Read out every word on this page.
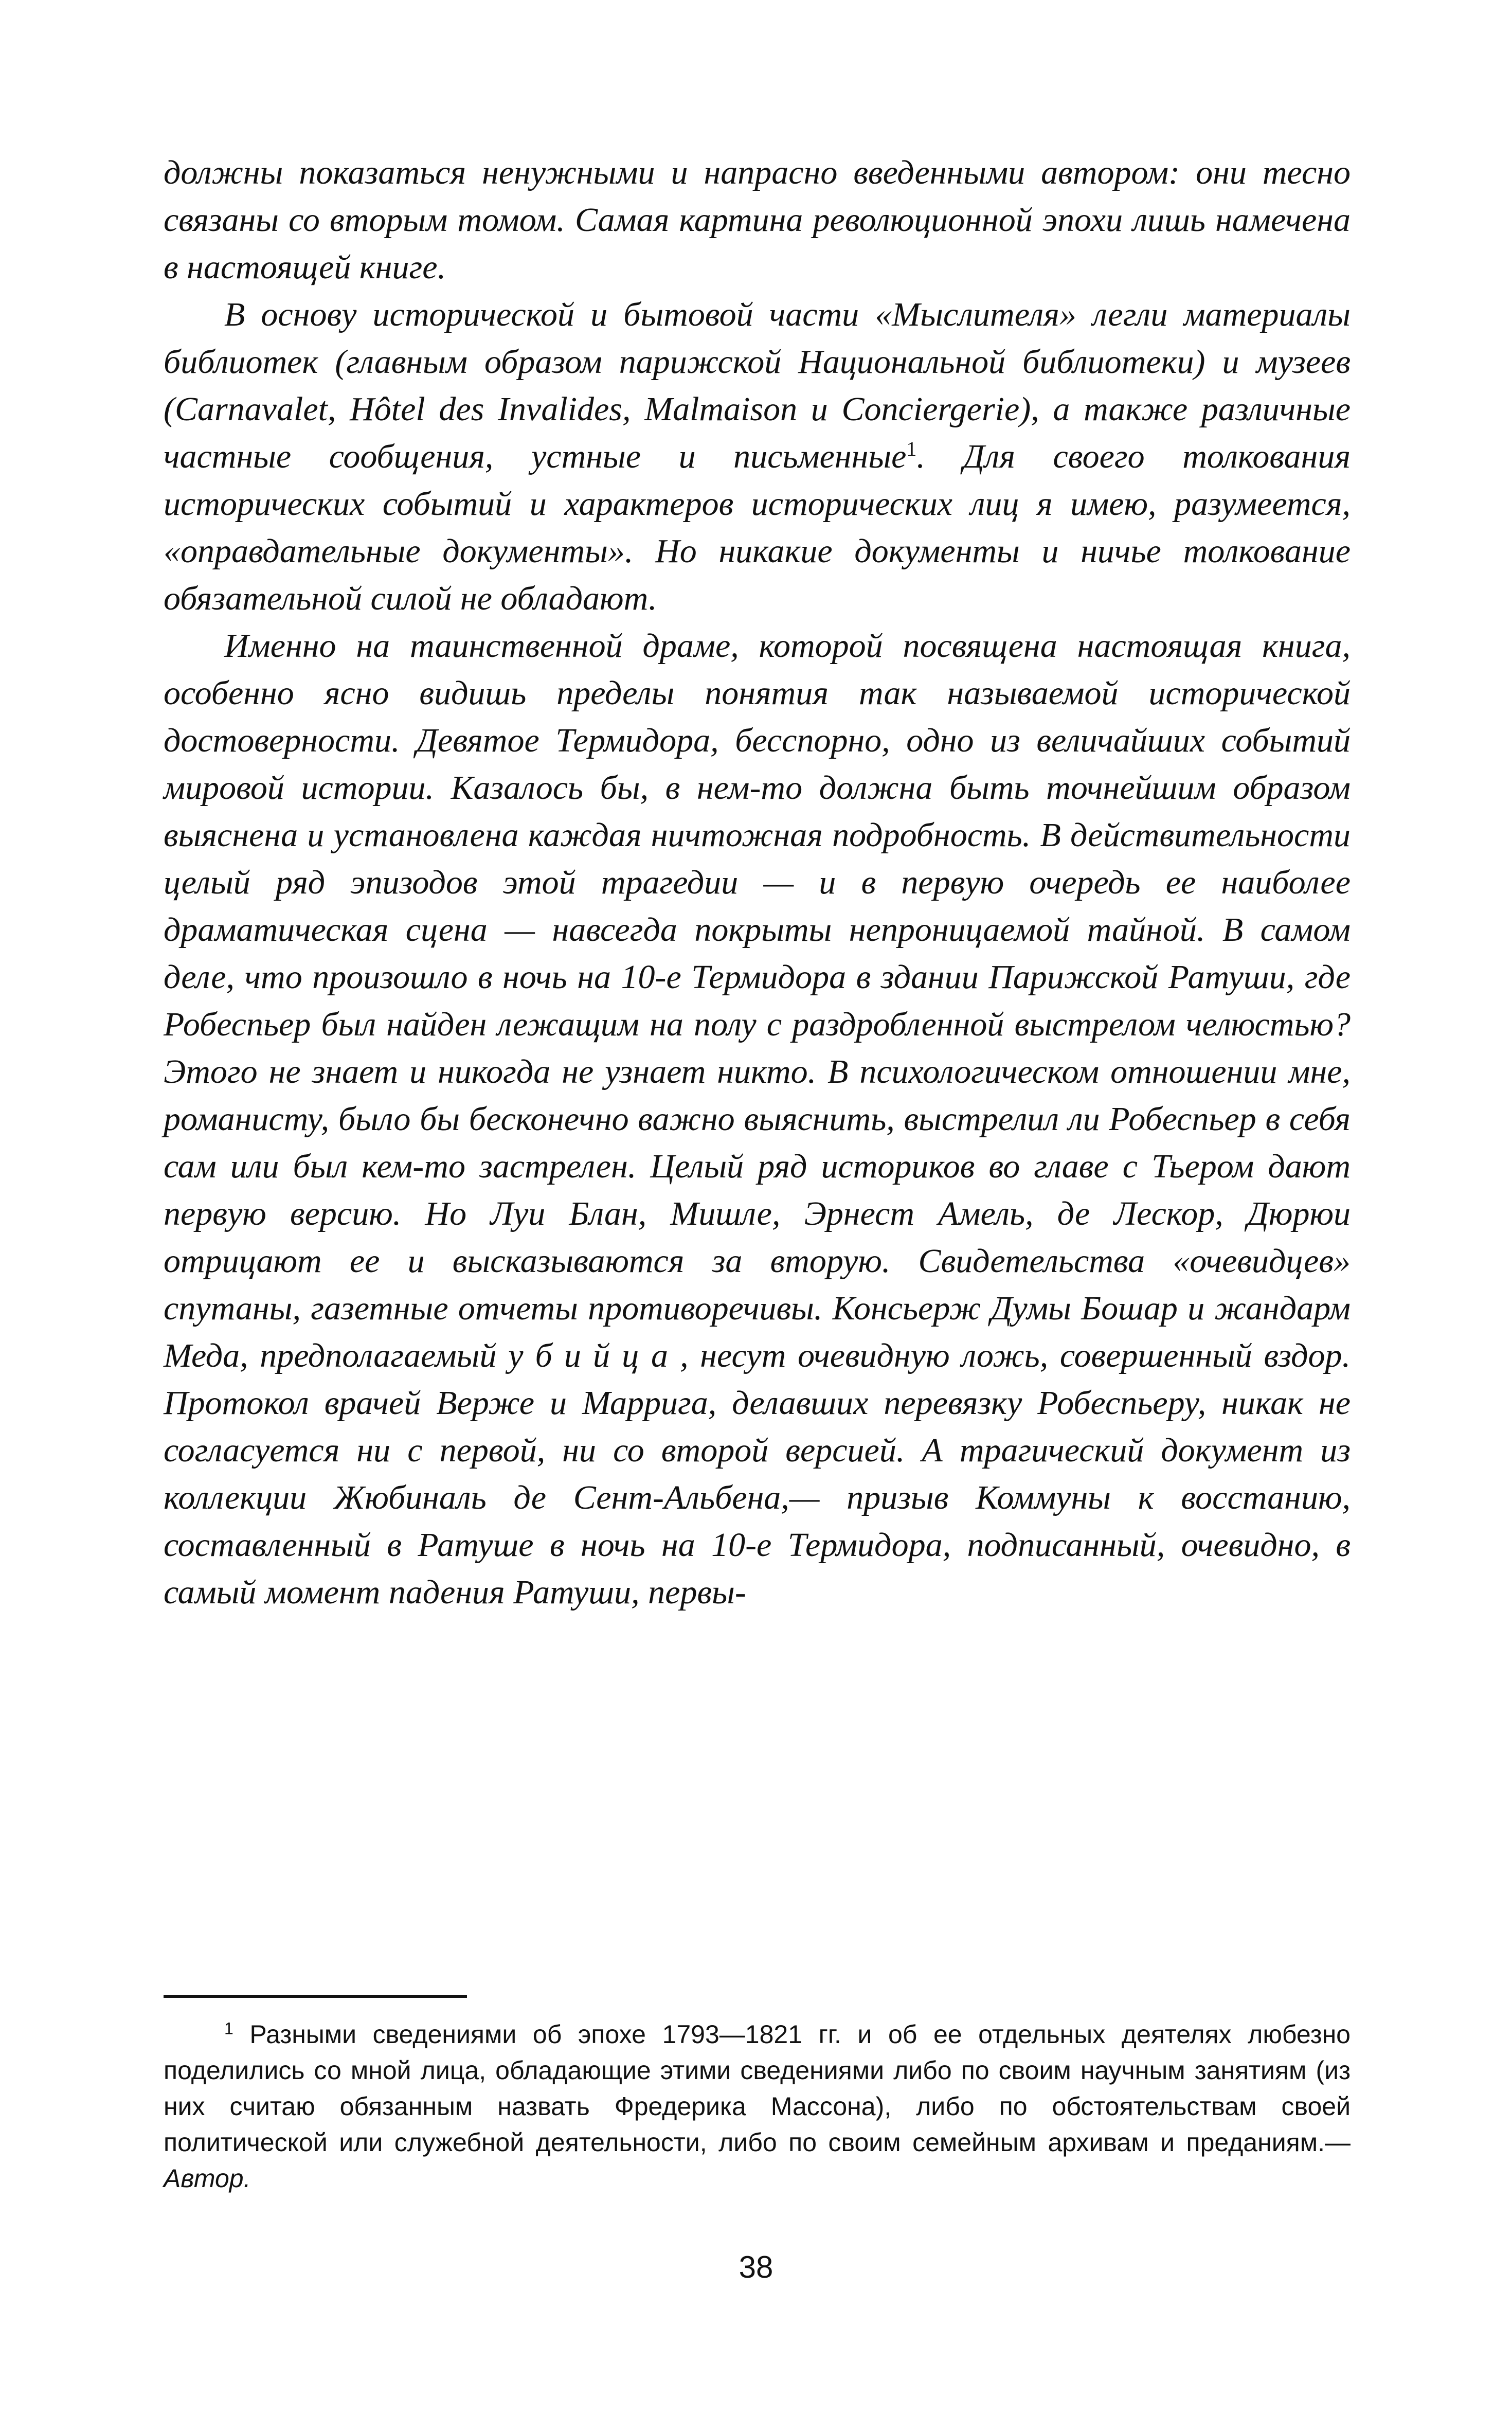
должны показаться ненужными и напрасно введенными автором: они тесно связаны со вторым томом. Самая картина революционной эпохи лишь намечена в настоящей книге.

В основу исторической и бытовой части «Мыслителя» легли материалы библиотек (главным образом парижской Национальной библиотеки) и музеев (Carnavalet, Hôtel des Invalides, Malmaison и Conciergerie), а также различные частные сообщения, устные и письменные$^1$. Для своего толкования исторических событий и характеров исторических лиц я имею, разумеется, «оправдательные документы». Но никакие документы и ничье толкование обязательной силой не обладают.

Именно на таинственной драме, которой посвящена настоящая книга, особенно ясно видишь пределы понятия так называемой исторической достоверности. Девятое Термидора, бесспорно, одно из величайших событий мировой истории. Казалось бы, в нем-то должна быть точнейшим образом выяснена и установлена каждая ничтожная подробность. В действительности целый ряд эпизодов этой трагедии — и в первую очередь ее наиболее драматическая сцена — навсегда покрыты непроницаемой тайной. В самом деле, что произошло в ночь на 10-е Термидора в здании Парижской Ратуши, где Робеспьер был найден лежащим на полу с раздробленной выстрелом челюстью? Этого не знает и никогда не узнает никто. В психологическом отношении мне, романисту, было бы бесконечно важно выяснить, выстрелил ли Робеспьер в себя сам или был кем-то застрелен. Целый ряд историков во главе с Тьером дают первую версию. Но Луи Блан, Мишле, Эрнест Амель, де Лескор, Дюрюи отрицают ее и высказываются за вторую. Свидетельства «очевидцев» спутаны, газетные отчеты противоречивы. Консьерж Думы Бошар и жандарм Меда, предполагаемый убийца, несут очевидную ложь, совершенный вздор. Протокол врачей Верже и Марригa, делавших перевязку Робеспьеру, никак не согласуется ни с первой, ни со второй версией. А трагический документ из коллекции Жюбиналь де Сент-Альбена,— призыв Коммуны к восстанию, составленный в Ратуше в ночь на 10-е Термидора, подписанный, очевидно, в самый момент падения Ратуши, первы-

$^1$ Разными сведениями об эпохе 1793—1821 гг. и об ее отдельных деятелях любезно поделились со мной лица, обладающие этими сведениями либо по своим научным занятиям (из них считаю обязанным назвать Фредерика Массона), либо по обстоятельствам своей политической или служебной деятельности, либо по своим семейным архивам и преданиям.— Автор.

38
